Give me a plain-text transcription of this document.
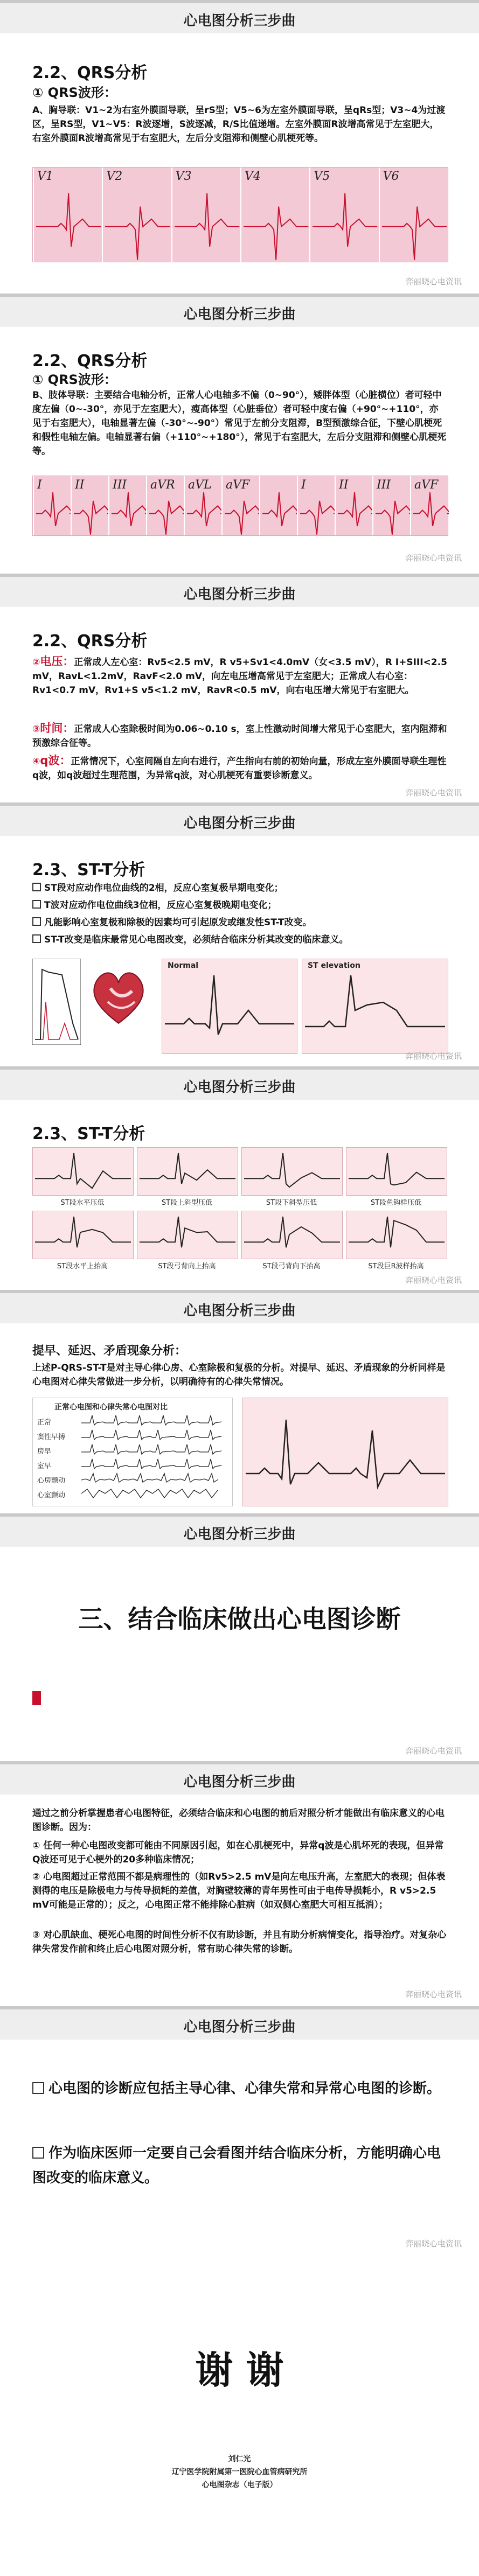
心电图分析三步曲
2.2、QRS分析
① QRS波形：
A、胸导联：V1~2为右室外膜面导联，呈rS型；V5~6为左室外膜面导联，呈qRs型；V3~4为过渡区，呈RS型，V1~V5：R波逐增，S波逐减，R/S比值递增。左室外膜面R波增高常见于左室肥大，右室外膜面R波增高常见于右室肥大，左后分支阻滞和侧壁心肌梗死等。
V1	V2	V3	V4	V5	V6
弈丽晓心电资讯
心电图分析三步曲
2.2、QRS分析
① QRS波形：
B、肢体导联：主要结合电轴分析，正常人心电轴多不偏（0~90°），矮胖体型（心脏横位）者可轻中度左偏（0~-30°，亦见于左室肥大），瘦高体型（心脏垂位）者可轻中度右偏（+90°~+110°，亦见于右室肥大），电轴显著左偏（-30°~-90°）常见于左前分支阻滞，B型预激综合征，下壁心肌梗死和假性电轴左偏。电轴显著右偏（+110°~+180°），常见于右室肥大，左后分支阻滞和侧壁心肌梗死等。
I	II III aVR aVL aVF	I	II III aVF
弈丽晓心电资讯
心电图分析三步曲
2.2、QRS分析
②电压：正常成人左心室：Rv5<2.5 mV，R v5+Sv1<4.0mV（女<3.5 mV），R I+SIII<2.5 mV，RavL<1.2mV，RavF<2.0 mV，向左电压增高常见于左室肥大；正常成人右心室：Rv1<0.7 mV，Rv1+S v5<1.2 mV，RavR<0.5 mV，向右电压增大常见于右室肥大。
③时间：正常成人心室除极时间为0.06~0.10 s，室上性激动时间增大常见于心室肥大，室内阻滞和预激综合征等。
④q波：正常情况下，心室间隔自左向右进行，产生指向右前的初始向量，形成左室外膜面导联生理性q波，如q波超过生理范围，为异常q波，对心肌梗死有重要诊断意义。
弈丽晓心电资讯
心电图分析三步曲
2.3、ST-T分析
ST段对应动作电位曲线的2相，反应心室复极早期电变化；
T波对应动作电位曲线3位相，反应心室复极晚期电变化；
凡能影响心室复极和除极的因素均可引起原发或继发性ST-T改变。
ST-T改变是临床最常见心电图改变，必须结合临床分析其改变的临床意义。
Normal	ST elevation
弈丽晓心电资讯
心电图分析三步曲
2.3、ST-T分析
ST段水平压低	ST段上斜型压低	ST段下斜型压低	ST段鱼钩样压低
ST段水平上抬高	ST段弓背向上抬高	ST段弓背向下抬高	ST段巨R波样抬高
弈丽晓心电资讯
心电图分析三步曲
提早、延迟、矛盾现象分析：
上述P-QRS-ST-T是对主导心律心房、心室除极和复极的分析。对提早、延迟、矛盾现象的分析同样是心电图对心律失常做进一步分析，以明确待有的心律失常情况。
正常心电图和心律失常心电图对比
正常
窦性早搏
房早
室早
心房颤动
心室颤动
心电图分析三步曲
三、结合临床做出心电图诊断
弈丽晓心电资讯
心电图分析三步曲
通过之前分析掌握患者心电图特征，必须结合临床和心电图的前后对照分析才能做出有临床意义的心电图诊断。因为：
① 任何一种心电图改变都可能由不同原因引起，如在心肌梗死中，异常q波是心肌坏死的表现，但异常Q波还可见于心梗外的20多种临床情况；
② 心电图超过正常范围不都是病理性的（如Rv5>2.5 mV是向左电压升高，左室肥大的表现；但体表测得的电压是除极电力与传导损耗的差值，对胸壁较薄的青年男性可由于电传导损耗小，R v5>2.5 mV可能是正常的）；反之，心电图正常不能排除心脏病（如双侧心室肥大可相互抵消）；
③ 对心肌缺血、梗死心电图的时间性分析不仅有助诊断，并且有助分析病情变化，指导治疗。对复杂心律失常发作前和终止后心电图对照分析，常有助心律失常的诊断。
弈丽晓心电资讯
心电图分析三步曲
心电图的诊断应包括主导心律、心律失常和异常心电图的诊断。
作为临床医师一定要自己会看图并结合临床分析，方能明确心电图改变的临床意义。
弈丽晓心电资讯
谢 谢
刘仁光
辽宁医学院附属第一医院心血管病研究所
心电图杂志（电子版）
